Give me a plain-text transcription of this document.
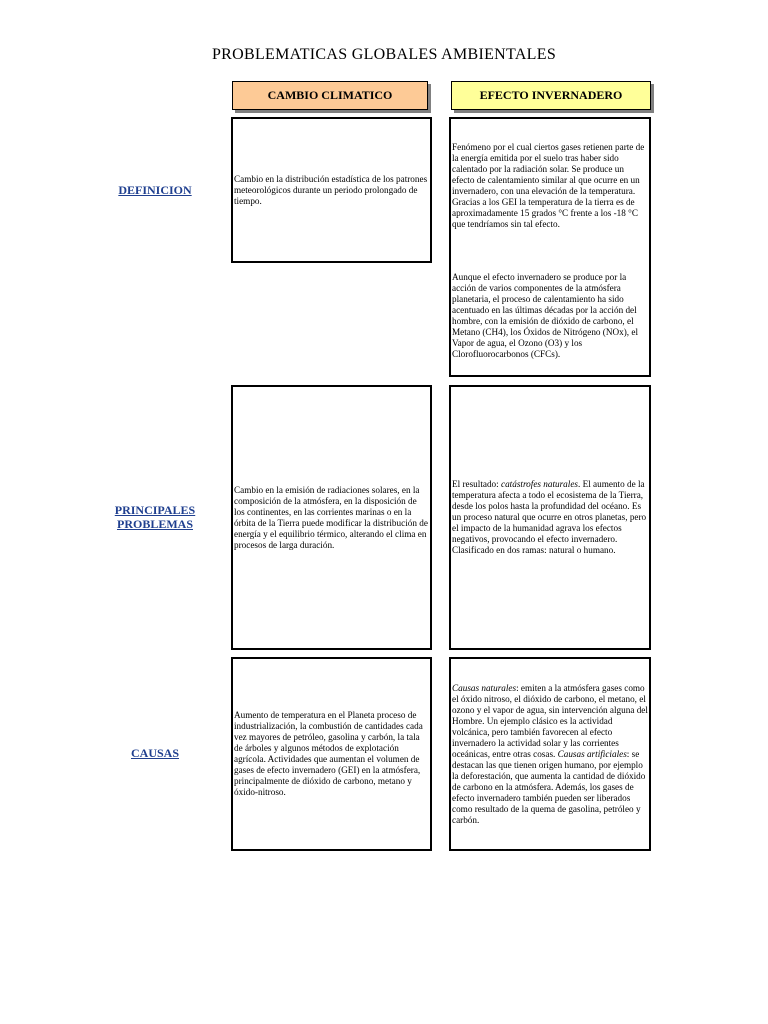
PROBLEMATICAS GLOBALES AMBIENTALES
CAMBIO CLIMATICO	EFECTO INVERNADERO
DEFINICION
PRINCIPALES PROBLEMAS
CAUSAS

Cambio en la distribución estadística de los patrones meteorológicos durante un periodo prolongado de tiempo.

Fenómeno por el cual ciertos gases retienen parte de la energía emitida por el suelo tras haber sido calentado por la radiación solar. Se produce un efecto de calentamiento similar al que ocurre en un invernadero, con una elevación de la temperatura. Gracias a los GEI la temperatura de la tierra es de aproximadamente 15 grados °C frente a los -18 °C que tendríamos sin tal efecto.

Aunque el efecto invernadero se produce por la acción de varios componentes de la atmósfera planetaria, el proceso de calentamiento ha sido acentuado en las últimas décadas por la acción del hombre, con la emisión de dióxido de carbono, el Metano (CH4), los Óxidos de Nitrógeno (NOx), el Vapor de agua, el Ozono (O3) y los Clorofluorocarbonos (CFCs).

Cambio en la emisión de radiaciones solares, en la composición de la atmósfera, en la disposición de los continentes, en las corrientes marinas o en la órbita de la Tierra puede modificar la distribución de energía y el equilibrio térmico, alterando el clima en procesos de larga duración.

El resultado: catástrofes naturales. El aumento de la temperatura afecta a todo el ecosistema de la Tierra, desde los polos hasta la profundidad del océano. Es un proceso natural que ocurre en otros planetas, pero el impacto de la humanidad agrava los efectos negativos, provocando el efecto invernadero. Clasificado en dos ramas: natural o humano.

Aumento de temperatura en el Planeta proceso de industrialización, la combustión de cantidades cada vez mayores de petróleo, gasolina y carbón, la tala de árboles y algunos métodos de explotación agrícola. Actividades que aumentan el volumen de gases de efecto invernadero (GEI) en la atmósfera, principalmente de dióxido de carbono, metano y óxido-nitroso.

Causas naturales: emiten a la atmósfera gases como el óxido nitroso, el dióxido de carbono, el metano, el ozono y el vapor de agua, sin intervención alguna del Hombre. Un ejemplo clásico es la actividad volcánica, pero también favorecen al efecto invernadero la actividad solar y las corrientes oceánicas, entre otras cosas. Causas artificiales: se destacan las que tienen origen humano, por ejemplo la deforestación, que aumenta la cantidad de dióxido de carbono en la atmósfera. Además, los gases de efecto invernadero también pueden ser liberados como resultado de la quema de gasolina, petróleo y carbón.
